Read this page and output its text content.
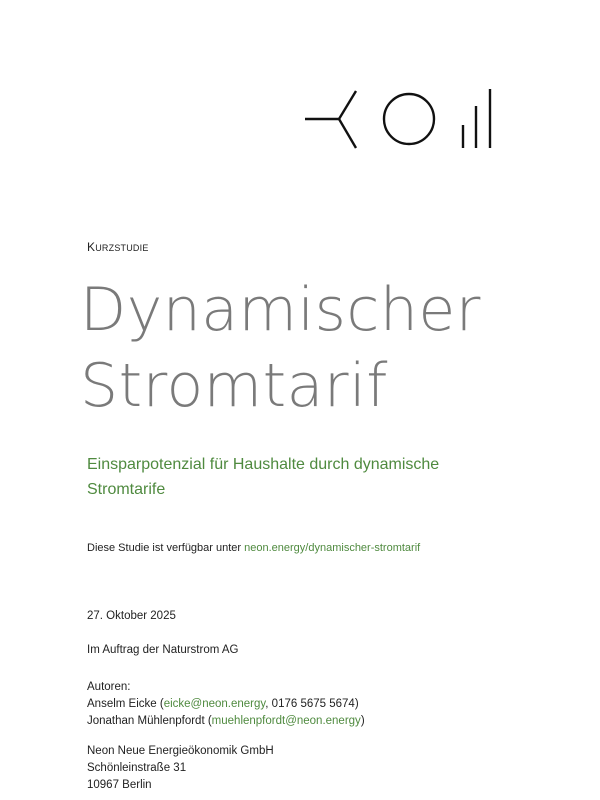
KURZSTUDIE
Dynamischer
Stromtarif
Einsparpotenzial für Haushalte durch dynamische Stromtarife
Diese Studie ist verfügbar unter neon.energy/dynamischer-stromtarif
27. Oktober 2025
Im Auftrag der Naturstrom AG
Autoren:
Anselm Eicke (eicke@neon.energy, 0176 5675 5674)
Jonathan Mühlenpfordt (muehlenpfordt@neon.energy)
Neon Neue Energieökonomik GmbH
Schönleinstraße 31
10967 Berlin
